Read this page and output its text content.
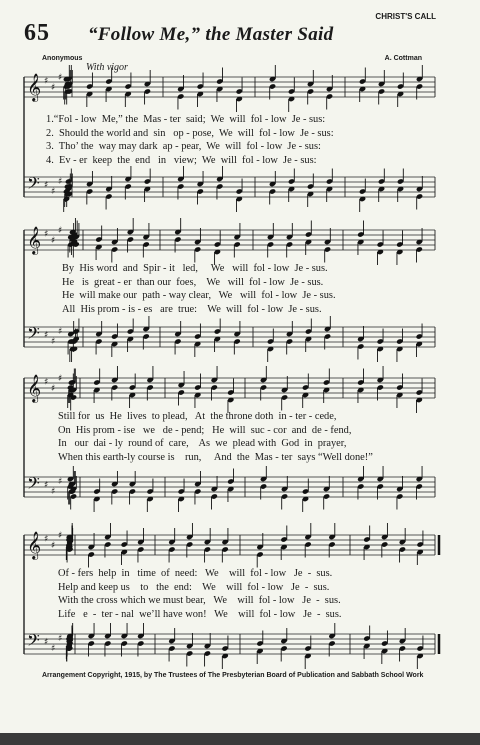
65
CHRIST'S CALL
“Follow Me,” the Master Said
Anonymous	A. Cottman
With vigor
𝄞
𝄢
♯
♯
♯
♯
♯
♯
𝄞
𝄢
♯
♯
♯
♯
♯
♯
𝄞
𝄢
♯
♯
♯
♯
♯
♯
𝄞
𝄢
♯
♯
♯
♯
♯
♯
1.“Fol - low  Me,” the  Mas - ter  said;  We  will  fol - low  Je - sus:
2.  Should the world and  sin   op - pose,  We  will  fol - low  Je - sus:
3.  Tho’ the  way may dark  ap - pear,  We  will  fol - low  Je - sus:
4.  Ev - er  keep  the  end   in   view;  We  will  fol - low  Je - sus:
By  His word  and  Spir - it   led,     We   will  fol - low  Je - sus.
He   is  great - er  than our  foes,    We   will  fol - low  Je - sus.
He  will make our  path - way clear,   We   will  fol - low  Je - sus.
All  His prom - is - es   are  true:    We  will  fol - low  Je - sus.
Still for  us  He  lives  to plead,   At  the throne doth  in - ter - cede,
On  His prom - ise   we   de - pend;   He  will  suc - cor  and  de - fend,
In   our  dai - ly  round of  care,    As  we  plead with  God  in  prayer,
When this earth-ly course is    run,     And  the  Mas - ter  says “Well done!”
Of - fers  help  in   time  of  need:   We    will  fol - low   Je  -  sus.
Help and keep us    to   the  end:    We    will  fol - low   Je  -  sus.
With the cross which we must bear,   We    will  fol - low   Je  -  sus.
Life   e  -  ter - nal  we’ll have won!   We    will  fol - low   Je  -  sus.
Arrangement Copyright, 1915, by The Trustees of The Presbyterian Board of Publication and Sabbath School Work
